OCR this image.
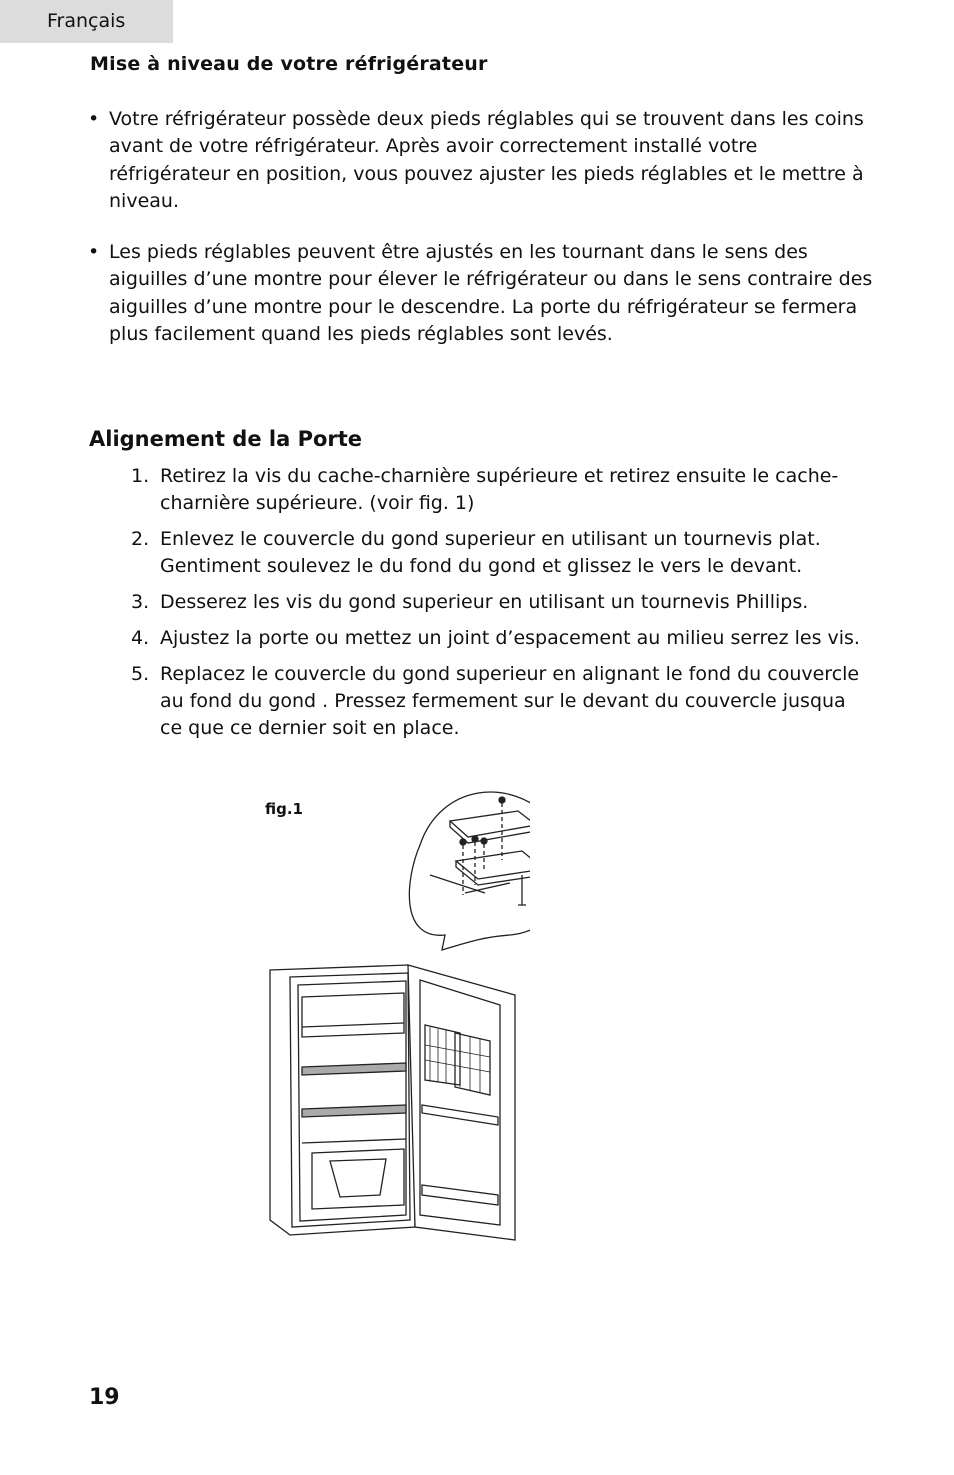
Français
Mise à niveau de votre réfrigérateur
• Votre réfrigérateur possède deux pieds réglables qui se trouvent dans les coins avant de votre réfrigérateur. Après avoir correctement installé votre réfrigérateur en position, vous pouvez ajuster les pieds réglables et le mettre à niveau.
• Les pieds réglables peuvent être ajustés en les tournant dans le sens des aiguilles d’une montre pour élever le réfrigérateur ou dans le sens contraire des aiguilles d’une montre pour le descendre. La porte du réfrigérateur se fermera plus facilement quand les pieds réglables sont levés.
Alignement de la Porte
1. Retirez la vis du cache-charnière supérieure et retirez ensuite le cache-charnière supérieure. (voir fig. 1)
2. Enlevez le couvercle du gond superieur en utilisant un tournevis plat. Gentiment soulevez le du fond du gond et glissez le vers le devant.
3. Desserez les vis du gond superieur en utilisant un tournevis Phillips.
4. Ajustez la porte ou mettez un joint d’espacement au milieu serrez les vis.
5. Replacez le couvercle du gond superieur en alignant le fond du couvercle au fond du gond . Pressez fermement sur le devant du couvercle jusqua ce que ce dernier soit en place.
fig.1
19
